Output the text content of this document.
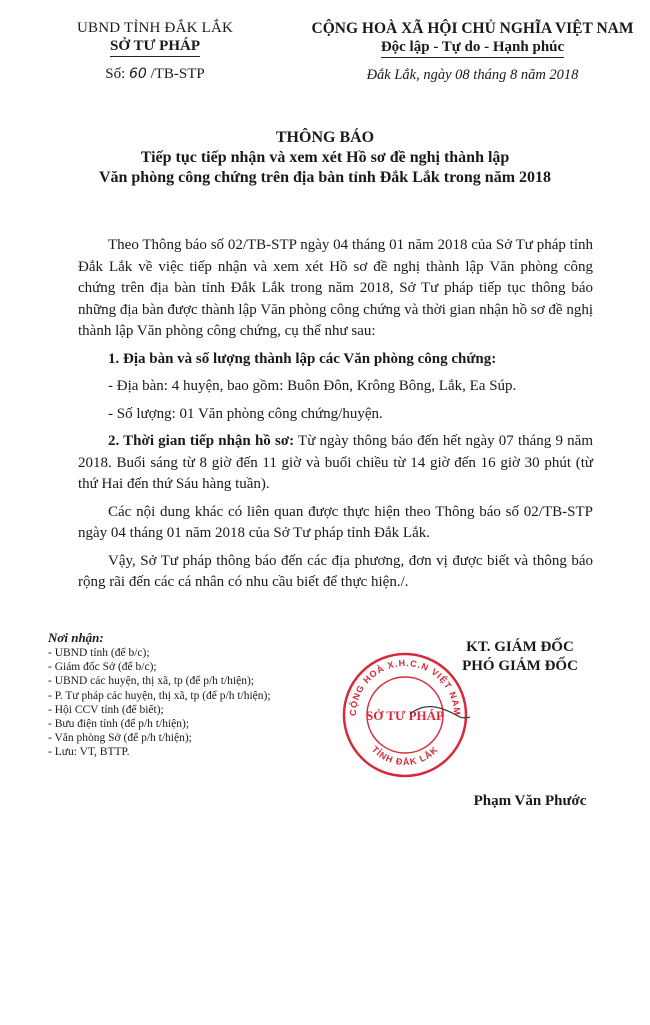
UBND TỈNH ĐẮK LẮK
SỞ TƯ PHÁP
Số: 60 /TB-STP
CỘNG HOÀ XÃ HỘI CHỦ NGHĨA VIỆT NAM
Độc lập - Tự do - Hạnh phúc
Đắk Lắk, ngày 08 tháng 8 năm 2018
THÔNG BÁO
Tiếp tục tiếp nhận và xem xét Hồ sơ đề nghị thành lập
Văn phòng công chứng trên địa bàn tỉnh Đắk Lắk trong năm 2018

Theo Thông báo số 02/TB-STP ngày 04 tháng 01 năm 2018 của Sở Tư pháp tỉnh Đắk Lắk về việc tiếp nhận và xem xét Hồ sơ đề nghị thành lập Văn phòng công chứng trên địa bàn tỉnh Đắk Lắk trong năm 2018, Sở Tư pháp tiếp tục thông báo những địa bàn được thành lập Văn phòng công chứng và thời gian nhận hồ sơ đề nghị thành lập Văn phòng công chứng, cụ thể như sau:

1. Địa bàn và số lượng thành lập các Văn phòng công chứng:

- Địa bàn: 4 huyện, bao gồm: Buôn Đôn, Krông Bông, Lắk, Ea Súp.

- Số lượng: 01 Văn phòng công chứng/huyện.

2. Thời gian tiếp nhận hồ sơ: Từ ngày thông báo đến hết ngày 07 tháng 9 năm 2018. Buổi sáng từ 8 giờ đến 11 giờ và buổi chiều từ 14 giờ đến 16 giờ 30 phút (từ thứ Hai đến thứ Sáu hàng tuần).

Các nội dung khác có liên quan được thực hiện theo Thông báo số 02/TB-STP ngày 04 tháng 01 năm 2018 của Sở Tư pháp tỉnh Đắk Lắk.

Vậy, Sở Tư pháp thông báo đến các địa phương, đơn vị được biết và thông báo rộng rãi đến các cá nhân có nhu cầu biết để thực hiện./.

Nơi nhận:
- UBND tỉnh (để b/c);
- Giám đốc Sở (để b/c);
- UBND các huyện, thị xã, tp (để p/h t/hiện);
- P. Tư pháp các huyện, thị xã, tp (để p/h t/hiện);
- Hội CCV tỉnh (để biết);
- Bưu điện tỉnh (để p/h t/hiện);
- Văn phòng Sở (để p/h t/hiện);
- Lưu: VT, BTTP.
CỘNG HOÀ X.H.C.N VIỆT NAM
TỈNH ĐẮK LẮK
SỞ TƯ PHÁP
KT. GIÁM ĐỐC
PHÓ GIÁM ĐỐC
Phạm Văn Phước
